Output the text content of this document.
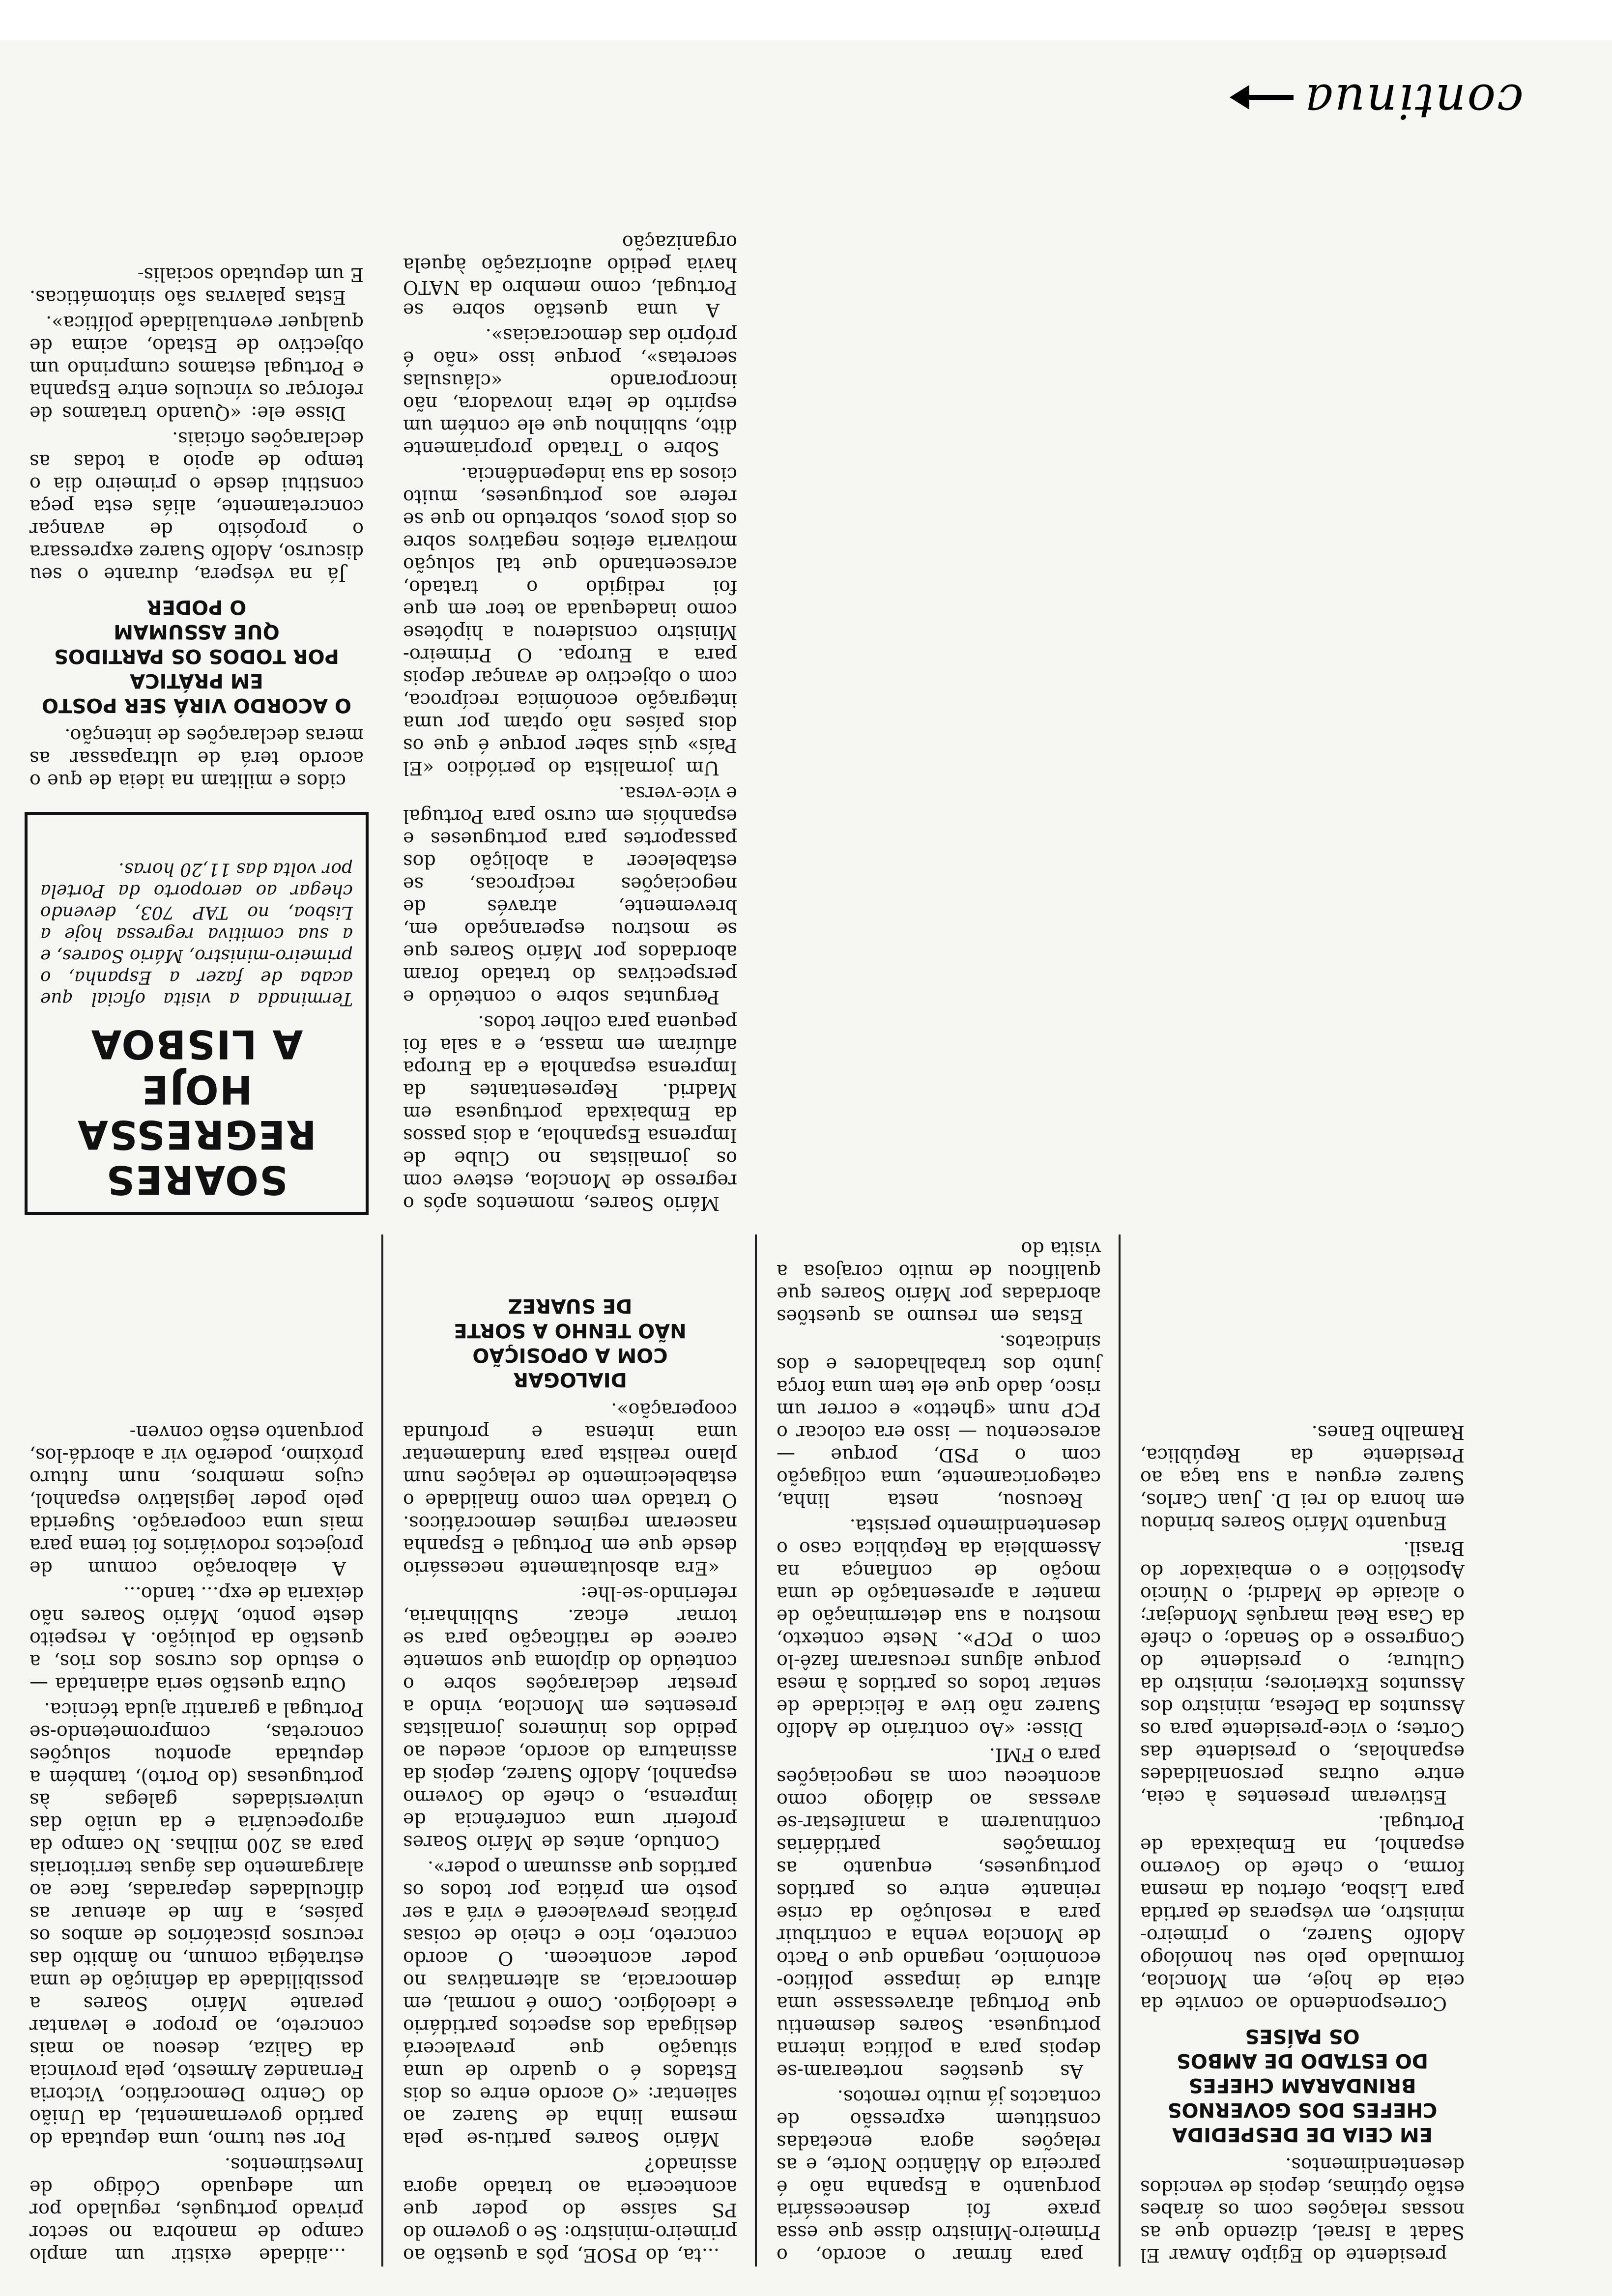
...alidade existir um amplo campo de manobra no sector privado português, regulado por um adequado Código de Investimentos.

Por seu turno, uma deputada do partido governamental, da União do Centro Democrático, Victoria Fernandez Armesto, pela província da Galiza, deseou ao mais concreto, ao propor e levantar perante Mário Soares a possibilidade da definição de uma estratégia comum, no âmbito das recursos piscatórios de ambos os países, a fim de atenuar as dificuldades deparadas, face ao alargamento das águas territoriais para as 200 milhas. No campo da agropecuária e da união das universidades galegas às portuguesas (do Porto), também a deputada apontou soluções concretas, comprometendo-se Portugal a garantir ajuda técnica.

Outra questão seria adiantada — o estudo dos cursos dos rios, a questão da poluição. A respeito deste ponto, Mário Soares não deixaria de exp... tando...

A elaboração comum de projectos rodoviários foi tema para mais uma cooperação. Sugerida pelo poder legislativo espanhol, cujos membros, num futuro próximo, poderão vir a abordá-los, porquanto estão conven-

SOARES
REGRESSA HOJE
A LISBOA
Terminada a visita oficial que acaba de fazer a Espanha, o primeiro-ministro, Mário Soares, e a sua comitiva regressa hoje a Lisboa, no TAP 703, devendo chegar ao aeroporto da Portela por volta das 11,20 horas.

cidos e militam na ideia de que o acordo terá de ultrapassar as meras declarações de intenção.

O ACORDO VIRÁ SER POSTO EM PRÁTICA
POR TODOS OS PARTIDOS
QUE ASSUMAM
O PODER

Já na véspera, durante o seu discurso, Adolfo Suarez expressara o propósito de avançar concretamente, aliás esta peça constitui desde o primeiro dia o tempo de apoio a todas as declarações oficiais.

Disse ele: «Quando tratamos de reforçar os vínculos entre Espanha e Portugal estamos cumprindo um objectivo de Estado, acima de qualquer eventualidade política».

Estas palavras são sintomáticas. E um deputado socialis-

...ta, do PSOE, pôs a questão ao primeiro-ministro: Se o governo do PS saísse do poder que aconteceria ao tratado agora assinado?

Mário Soares partiu-se pela mesma linha de Suarez ao salientar: «O acordo entre os dois Estados é o quadro de uma situação que prevalecerá desligada dos aspectos partidário e ideológico. Como é normal, em democracia, as alternativas no poder acontecem. O acordo concreto, rico e cheio de coisas práticas prevalecerá e virá a ser posto em prática por todos os partidos que assumam o poder».

Contudo, antes de Mário Soares proferir uma conferência de imprensa, o chefe do Governo espanhol, Adolfo Suarez, depois da assinatura do acordo, acedeu ao pedido dos inúmeros jornalistas presentes em Moncloa, vindo a prestar declarações sobre o conteúdo do diploma que somente carece de ratificação para se tornar eficaz. Sublinharia, referindo-se-lhe:

«Era absolutamente necessário desde que em Portugal e Espanha nasceram regimes democráticos. O tratado vem como finalidade o estabelecimento de relações num plano realista para fundamentar uma intensa e profunda cooperação».

DIALOGAR
COM A OPOSIÇÃO
NÃO TENHO A SORTE
DE SUAREZ

Mário Soares, momentos após o regresso de Moncloa, esteve com os jornalistas no Clube de Imprensa Espanhola, a dois passos da Embaixada portuguesa em Madrid. Representantes da Imprensa espanhola e da Europa afluíram em massa, e a sala foi pequena para colher todos.

Perguntas sobre o conteúdo e perspectivas do tratado foram abordados por Mário Soares que se mostrou esperançado em, brevemente, através de negociações recíprocas, se estabelecer a abolição dos passaportes para portugueses e espanhóis em curso para Portugal e vice-versa.

Um jornalista do periódico «El País» quis saber porque é que os dois países não optam por uma integração económica recíproca, com o objectivo de avançar depois para a Europa. O Primeiro-Ministro considerou a hipótese como inadequada ao teor em que foi redigido o tratado, acrescentando que tal solução motivaria efeitos negativos sobre os dois povos, sobretudo no que se refere aos portugueses, muito ciosos da sua independência.

Sobre o Tratado propriamente dito, sublinhou que ele contém um espírito de letra inovadora, não incorporando «cláusulas secretas», porque isso «não é próprio das democracias».

A uma questão sobre se Portugal, como membro da NATO havia pedido autorização àquela organização

para firmar o acordo, o Primeiro-Ministro disse que essa praxe foi desnecessária porquanto a Espanha não é parceira do Atlântico Norte, e as relações agora encetadas constituem expressão de contactos já muito remotos.

As questões nortearam-se depois para a política interna portuguesa. Soares desmentiu que Portugal atravessasse uma altura de impasse político-económico, negando que o Pacto de Moncloa venha a contribuir para a resolução da crise reinante entre os partidos portugueses, enquanto as formações partidárias continuarem a manifestar-se avessas ao diálogo como aconteceu com as negociações para o FMI.

Disse: «Ao contrário de Adolfo Suarez não tive a felicidade de sentar todos os partidos à mesa porque alguns recusaram fazê-lo com o PCP». Neste contexto, mostrou a sua determinação de manter a apresentação de uma moção de confiança na Assembleia da República caso o desentendimento persista.

Recusou, nesta linha, categoricamente, uma coligação com o PSD, porque — acrescentou — isso era colocar o PCP num «ghetto» e correr um risco, dado que ele tem uma força junto dos trabalhadores e dos sindicatos.

Estas em resumo as questões abordadas por Mário Soares que qualificou de muito corajosa a visita do

presidente do Egipto Anwar El Sadat a Israel, dizendo que as nossas relações com os árabes estão óptimas, depois de vencidos desentendimentos.

EM CEIA DE DESPEDIDA
CHEFES DOS GOVERNOS
BRINDARAM CHEFES
DO ESTADO DE AMBOS
OS PAÍSES

Correspondendo ao convite da ceia de hoje, em Moncloa, formulado pelo seu homólogo Adolfo Suarez, o primeiro-ministro, em vésperas de partida para Lisboa, ofertou da mesma forma, o chefe do Governo espanhol, na Embaixada de Portugal.

Estiveram presentes à ceia, entre outras personalidades espanholas, o presidente das Cortes; o vice-presidente para os Assuntos da Defesa, ministro dos Assuntos Exteriores; ministro da Cultura; o presidente do Congresso e do Senado; o chefe da Casa Real marquês Mondejar; o alcaide de Madrid; o Núncio Apostólico e o embaixador do Brasil.

Enquanto Mário Soares brindou em honra do rei D. Juan Carlos, Suarez ergueu a sua taça ao Presidente da República, Ramalho Eanes.

continua
